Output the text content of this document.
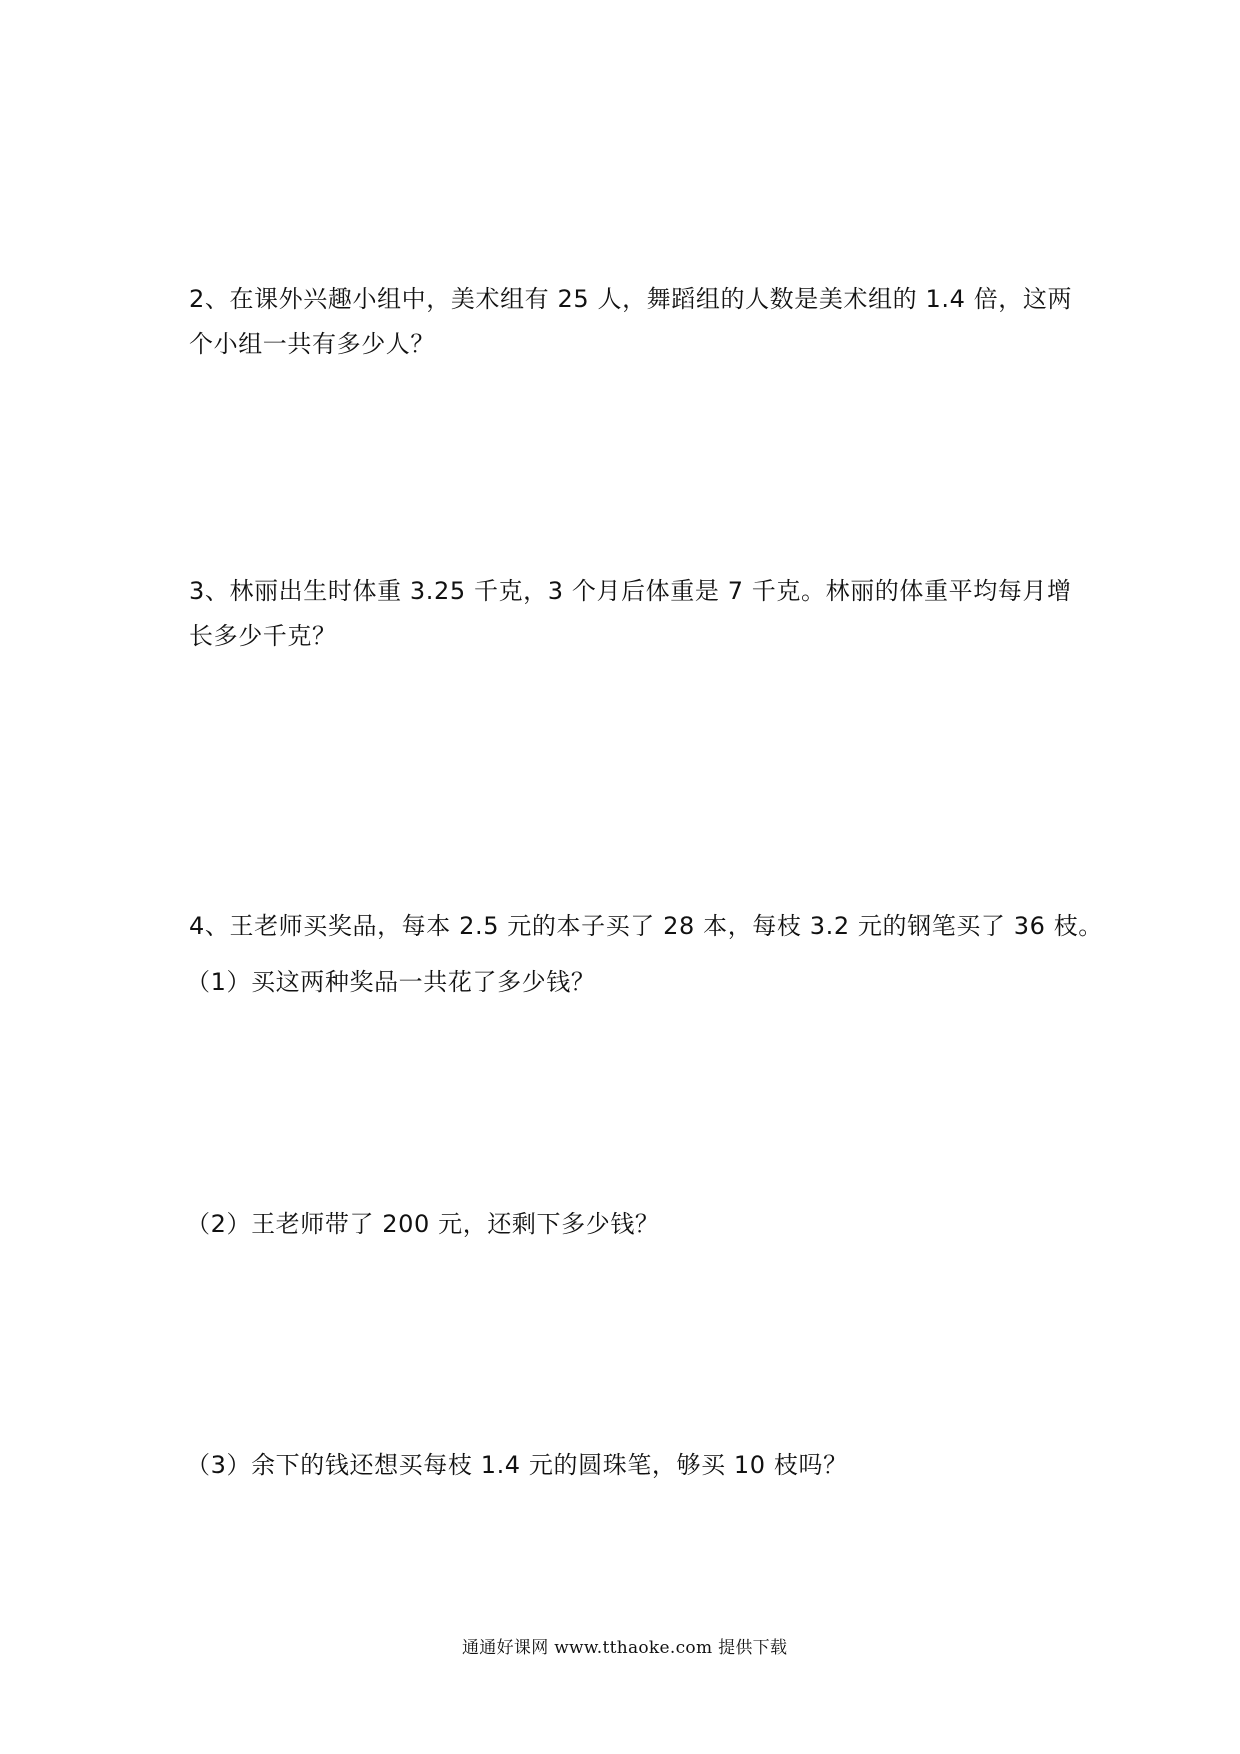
2、在课外兴趣小组中，美术组有 25 人，舞蹈组的人数是美术组的 1.4 倍，这两
个小组一共有多少人？
3、林丽出生时体重 3.25 千克，3 个月后体重是 7 千克。林丽的体重平均每月增
长多少千克？
4、王老师买奖品，每本 2.5 元的本子买了 28 本，每枝 3.2 元的钢笔买了 36 枝。
（1）买这两种奖品一共花了多少钱？
（2）王老师带了 200 元，还剩下多少钱？
（3）余下的钱还想买每枝 1.4 元的圆珠笔，够买 10 枝吗？
通通好课网 www.tthaoke.com 提供下载
